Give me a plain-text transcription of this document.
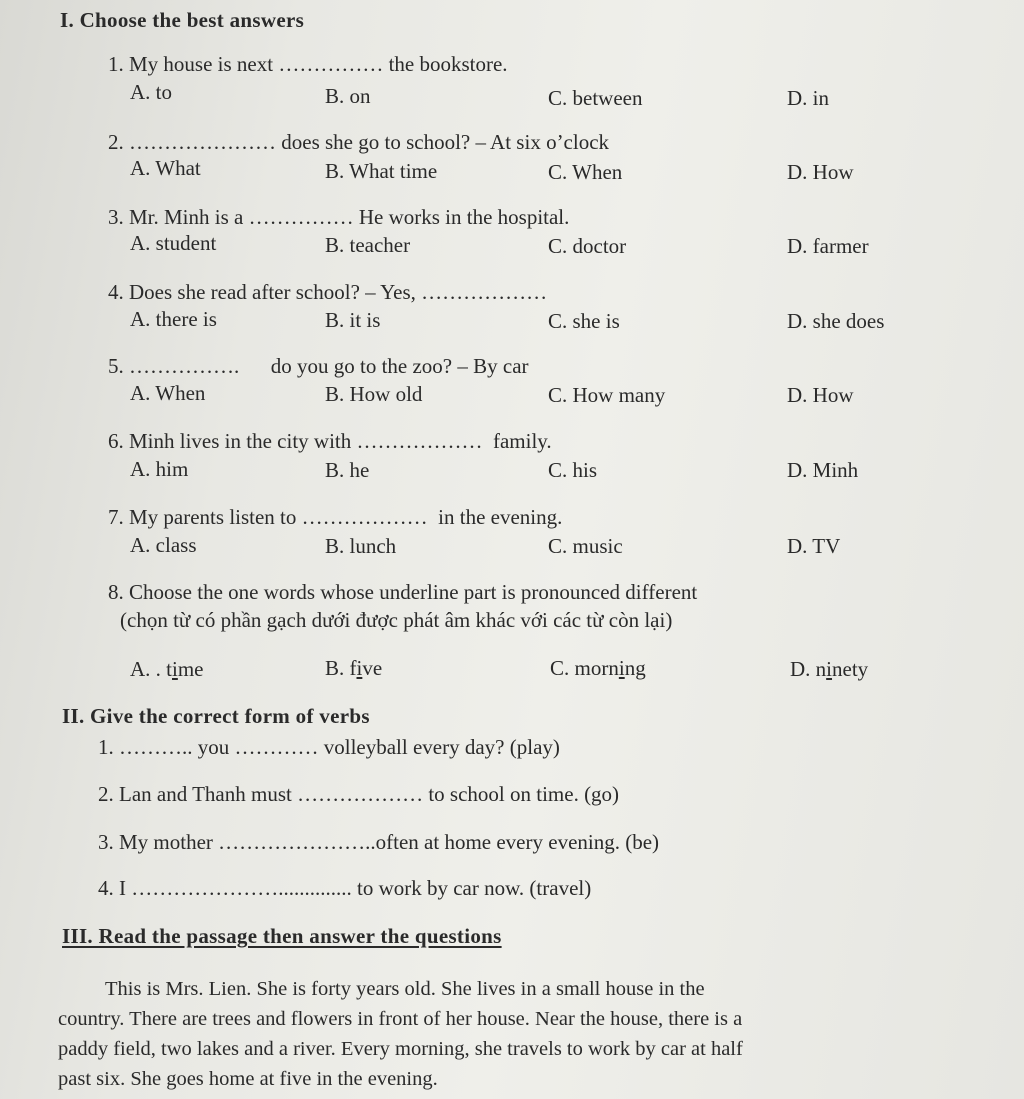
I. Choose the best answers
1. My house is next …………… the bookstore.
A. to	B. on	C. between	D. in
2. ………………… does she go to school? – At six o’clock
A. What	B. What time	C. When	D. How
3. Mr. Minh is a …………… He works in the hospital.
A. student	B. teacher	C. doctor	D. farmer
4. Does she read after school? – Yes, ………………
A. there is	B. it is	C. she is	D. she does
5. …………….      do you go to the zoo? – By car
A. When	B. How old	C. How many	D. How
6. Minh lives in the city with ………………  family.
A. him	B. he	C. his	D. Minh
7. My parents listen to ………………  in the evening.
A. class	B. lunch	C. music	D. TV
8. Choose the one words whose underline part is pronounced different
(chọn từ có phần gạch dưới được phát âm khác với các từ còn lại)
A. . time	B. five	C. morning	D. ninety
II. Give the correct form of verbs
1. ……….. you ………… volleyball every day? (play)
2. Lan and Thanh must ……………… to school on time. (go)
3. My mother …………………..often at home every evening. (be)
4. I ………………….............. to work by car now. (travel)
III. Read the passage then answer the questions
This is Mrs. Lien. She is forty years old. She lives in a small house in the
country. There are trees and flowers in front of her house. Near the house, there is a
paddy field, two lakes and a river. Every morning, she travels to work by car at half
past six. She goes home at five in the evening.
